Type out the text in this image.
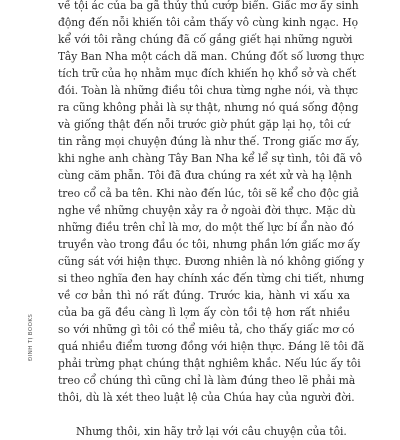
ĐINH TỊ BOOKS
về tội ác của ba gã thủy thủ cướp biển. Giấc mơ ấy sinh
động đến nỗi khiến tôi cảm thấy vô cùng kinh ngạc. Họ
kể với tôi rằng chúng đã cố gắng giết hại những người
Tây Ban Nha một cách dã man. Chúng đốt số lương thực
tích trữ của họ nhằm mục đích khiến họ khổ sở và chết
đói. Toàn là những điều tôi chưa từng nghe nói, và thực
ra cũng không phải là sự thật, nhưng nó quá sống động
và giống thật đến nỗi trước giờ phút gặp lại họ, tôi cứ
tin rằng mọi chuyện đúng là như thế. Trong giấc mơ ấy,
khi nghe anh chàng Tây Ban Nha kể lể sự tình, tôi đã vô
cùng căm phẫn. Tôi đã đưa chúng ra xét xử và hạ lệnh
treo cổ cả ba tên. Khi nào đến lúc, tôi sẽ kể cho độc giả
nghe về những chuyện xảy ra ở ngoài đời thực. Mặc dù
những điều trên chỉ là mơ, do một thế lực bí ẩn nào đó
truyền vào trong đầu óc tôi, nhưng phần lớn giấc mơ ấy
cũng sát với hiện thực. Đương nhiên là nó không giống y
si theo nghĩa đen hay chính xác đến từng chi tiết, nhưng
về cơ bản thì nó rất đúng. Trước kia, hành vi xấu xa
của ba gã đều càng lì lợm ấy còn tồi tệ hơn rất nhiều
so với những gì tôi có thể miêu tả, cho thấy giấc mơ có
quá nhiều điểm tương đồng với hiện thực. Đáng lẽ tôi đã
phải trừng phạt chúng thật nghiêm khắc. Nếu lúc ấy tôi
treo cổ chúng thì cũng chỉ là làm đúng theo lẽ phải mà
thôi, dù là xét theo luật lệ của Chúa hay của người đời.
Nhưng thôi, xin hãy trở lại với câu chuyện của tôi.
